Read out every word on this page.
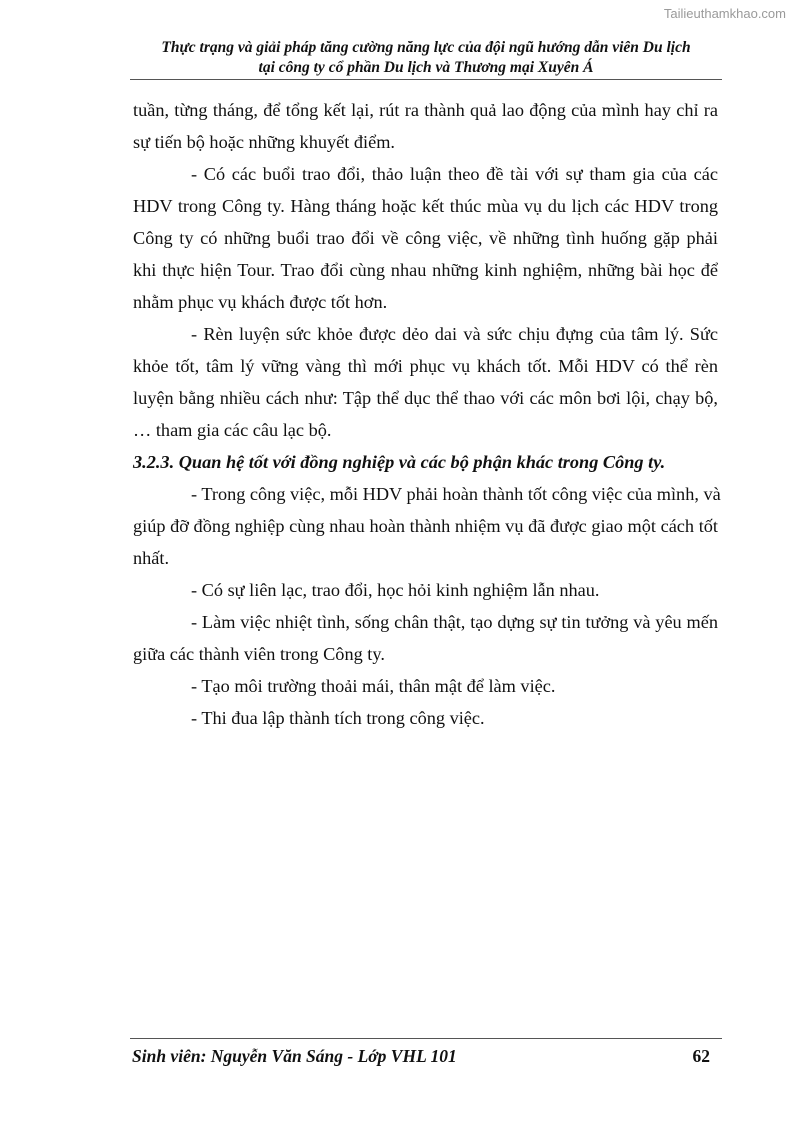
Tailieuthamkhao.com
Thực trạng và giải pháp tăng cường năng lực của đội ngũ hướng dẫn viên Du lịch
tại công ty cổ phần Du lịch và Thương mại Xuyên Á
tuần, từng tháng, để tổng kết lại, rút ra thành quả lao động của mình hay chỉ ra
sự tiến bộ hoặc những khuyết điểm.
- Có các buổi trao đổi, thảo luận theo đề tài với sự tham gia của các
HDV trong Công ty. Hàng tháng hoặc kết thúc mùa vụ du lịch các HDV trong
Công ty có những buổi trao đổi về công việc, về những tình huống gặp phải
khi thực hiện Tour. Trao đổi cùng nhau những kinh nghiệm, những bài học để
nhằm phục vụ khách được tốt hơn.
- Rèn luyện sức khỏe được dẻo dai và sức chịu đựng của tâm lý. Sức
khỏe tốt, tâm lý vững vàng thì mới phục vụ khách tốt. Mỗi HDV có thể rèn
luyện bằng nhiều cách như: Tập thể dục thể thao với các môn bơi lội, chạy bộ,
… tham gia các câu lạc bộ.
3.2.3. Quan hệ tốt với đồng nghiệp và các bộ phận khác trong Công ty.
- Trong công việc, mỗi HDV phải hoàn thành tốt công việc của mình, và
giúp đỡ đồng nghiệp cùng nhau hoàn thành nhiệm vụ đã được giao một cách tốt
nhất.
- Có sự liên lạc, trao đổi, học hỏi kinh nghiệm lẫn nhau.
- Làm việc nhiệt tình, sống chân thật, tạo dựng sự tin tưởng và yêu mến
giữa các thành viên trong Công ty.
- Tạo môi trường thoải mái, thân mật để làm việc.
- Thi đua lập thành tích trong công việc.
Sinh viên: Nguyễn Văn Sáng - Lớp VHL 101	62
